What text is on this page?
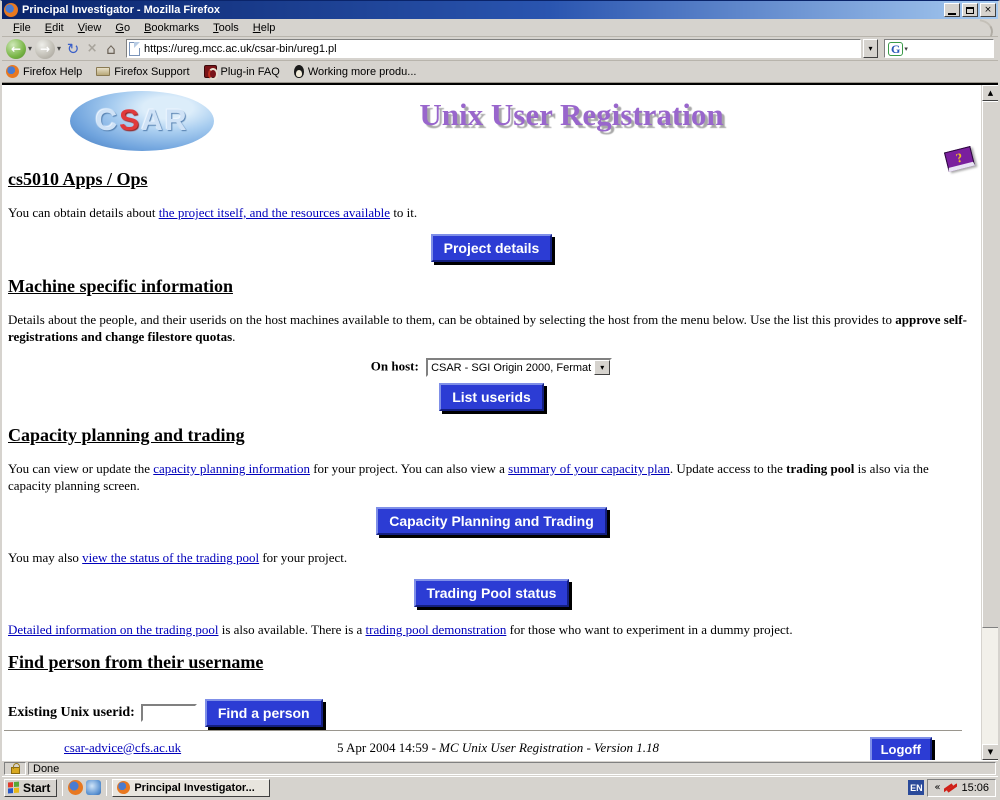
Principal Investigator - Mozilla Firefox	×
File	Edit	View	Go	Bookmarks	Tools	Help
← ▾ → ▾ ↻ × ⌂	https://ureg.mcc.ac.uk/csar-bin/ureg1.pl	▾	G ▾
Firefox Help	Firefox Support	Plug-in FAQ	Working more produ...
C S A R	Unix User Registration
?
cs5010 Apps / Ops
You can obtain details about the project itself, and the resources available to it.
Project details
Machine specific information
Details about the people, and their userids on the host machines available to them, can be obtained by selecting the host from the menu below. Use the list this provides to approve self-registrations and change filestore quotas.
On host: CSAR - SGI Origin 2000, Fermat	▾
List userids
Capacity planning and trading
You can view or update the capacity planning information for your project. You can also view a summary of your capacity plan. Update access to the trading pool is also via the capacity planning screen.
Capacity Planning and Trading
You may also view the status of the trading pool for your project.
Trading Pool status
Detailed information on the trading pool is also available. There is a trading pool demonstration for those who want to experiment in a dummy project.
Find person from their username
Existing Unix userid:	Find a person
csar-advice@cfs.ac.uk	5 Apr 2004 14:59 - MC Unix User Registration - Version 1.18	Logoff
▲
▼
Done
Start	Principal Investigator...	EN « 15:06
